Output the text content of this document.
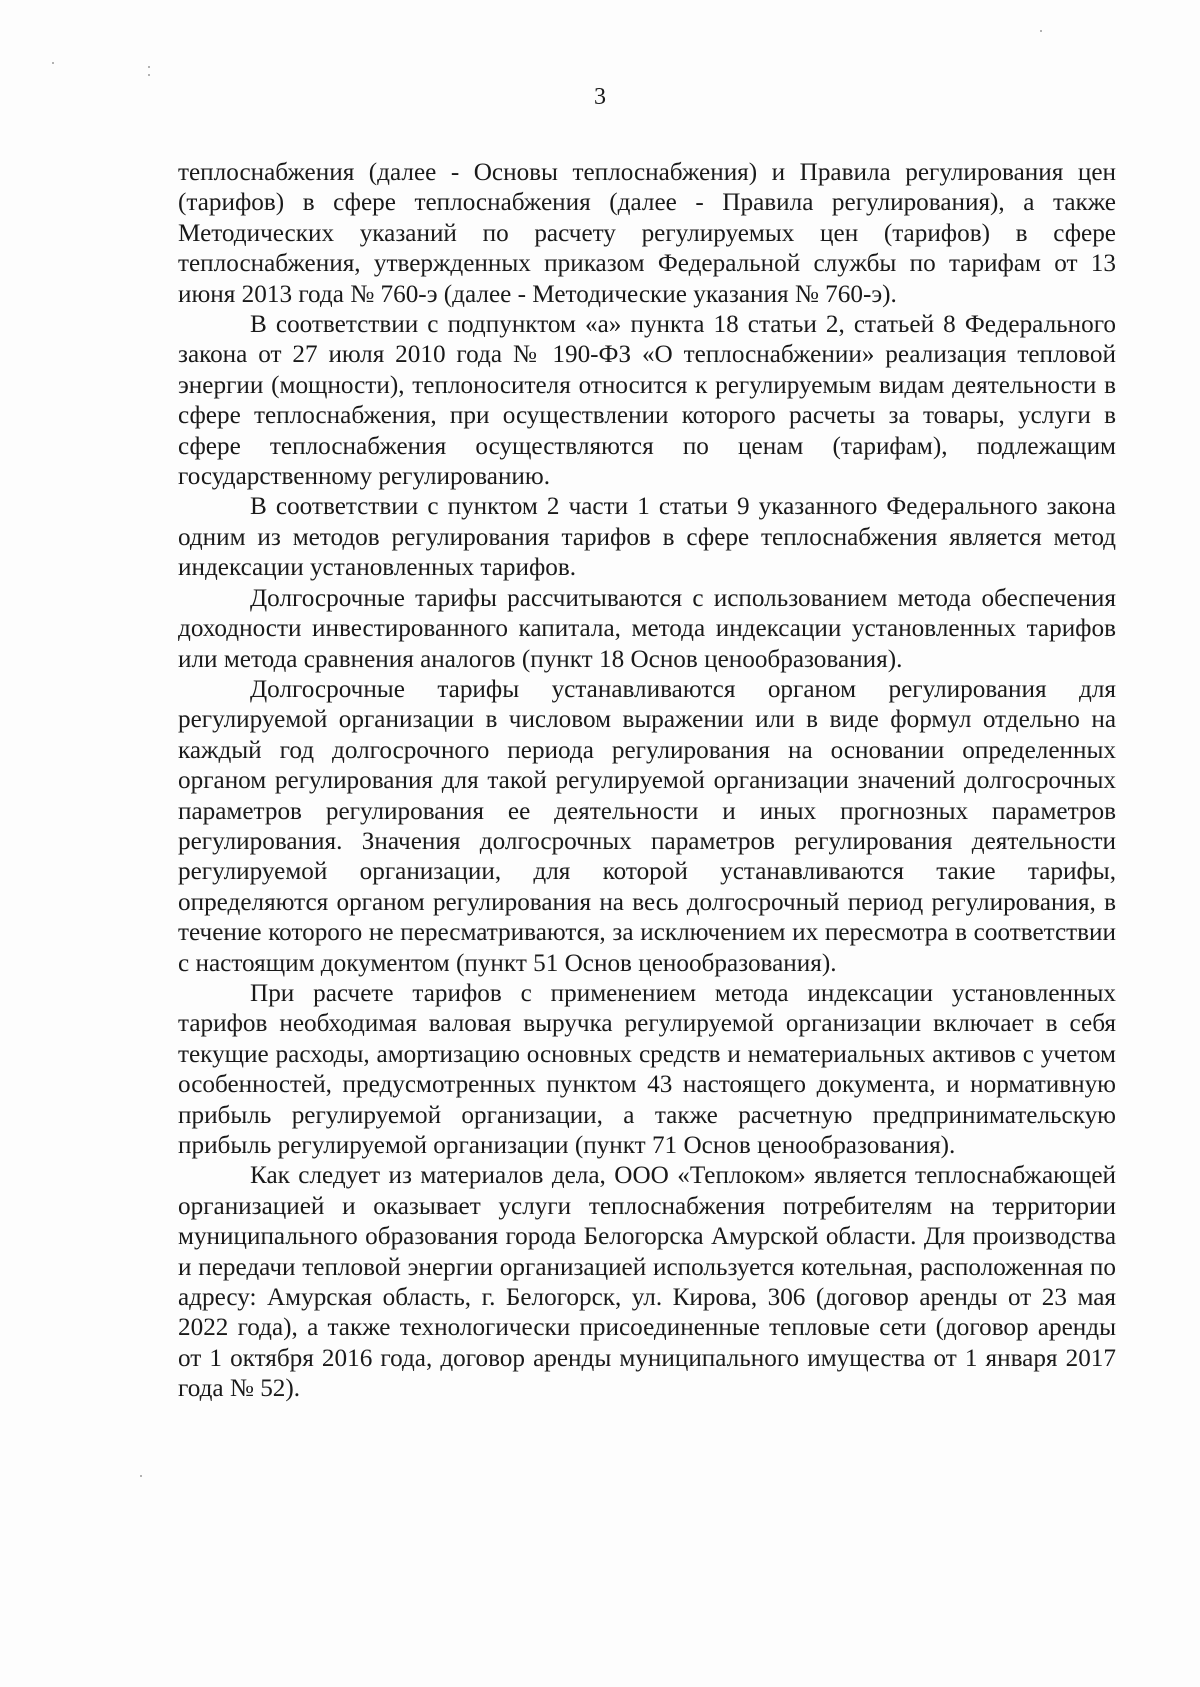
3

теплоснабжения (далее - Основы теплоснабжения) и Правила регулирования цен (тарифов) в сфере теплоснабжения (далее - Правила регулирования), а также Методических указаний по расчету регулируемых цен (тарифов) в сфере теплоснабжения, утвержденных приказом Федеральной службы по тарифам от 13 июня 2013 года № 760-э (далее - Методические указания № 760-э).

В соответствии с подпунктом «а» пункта 18 статьи 2, статьей 8 Федерального закона от 27 июля 2010 года № 190-ФЗ «О теплоснабжении» реализация тепловой энергии (мощности), теплоносителя относится к регулируемым видам деятельности в сфере теплоснабжения, при осуществлении которого расчеты за товары, услуги в сфере теплоснабжения осуществляются по ценам (тарифам), подлежащим государственному регулированию.

В соответствии с пунктом 2 части 1 статьи 9 указанного Федерального закона одним из методов регулирования тарифов в сфере теплоснабжения является метод индексации установленных тарифов.

Долгосрочные тарифы рассчитываются с использованием метода обеспечения доходности инвестированного капитала, метода индексации установленных тарифов или метода сравнения аналогов (пункт 18 Основ ценообразования).

Долгосрочные тарифы устанавливаются органом регулирования для регулируемой организации в числовом выражении или в виде формул отдельно на каждый год долгосрочного периода регулирования на основании определенных органом регулирования для такой регулируемой организации значений долгосрочных параметров регулирования ее деятельности и иных прогнозных параметров регулирования. Значения долгосрочных параметров регулирования деятельности регулируемой организации, для которой устанавливаются такие тарифы, определяются органом регулирования на весь долгосрочный период регулирования, в течение которого не пересматриваются, за исключением их пересмотра в соответствии с настоящим документом (пункт 51 Основ ценообразования).

При расчете тарифов с применением метода индексации установленных тарифов необходимая валовая выручка регулируемой организации включает в себя текущие расходы, амортизацию основных средств и нематериальных активов с учетом особенностей, предусмотренных пунктом 43 настоящего документа, и нормативную прибыль регулируемой организации, а также расчетную предпринимательскую прибыль регулируемой организации (пункт 71 Основ ценообразования).

Как следует из материалов дела, ООО «Теплоком» является теплоснабжающей организацией и оказывает услуги теплоснабжения потребителям на территории муниципального образования города Белогорска Амурской области. Для производства и передачи тепловой энергии организацией используется котельная, расположенная по адресу: Амурская область, г. Белогорск, ул. Кирова, 306 (договор аренды от 23 мая 2022 года), а также технологически присоединенные тепловые сети (договор аренды от 1 октября 2016 года, договор аренды муниципального имущества от 1 января 2017 года № 52).
